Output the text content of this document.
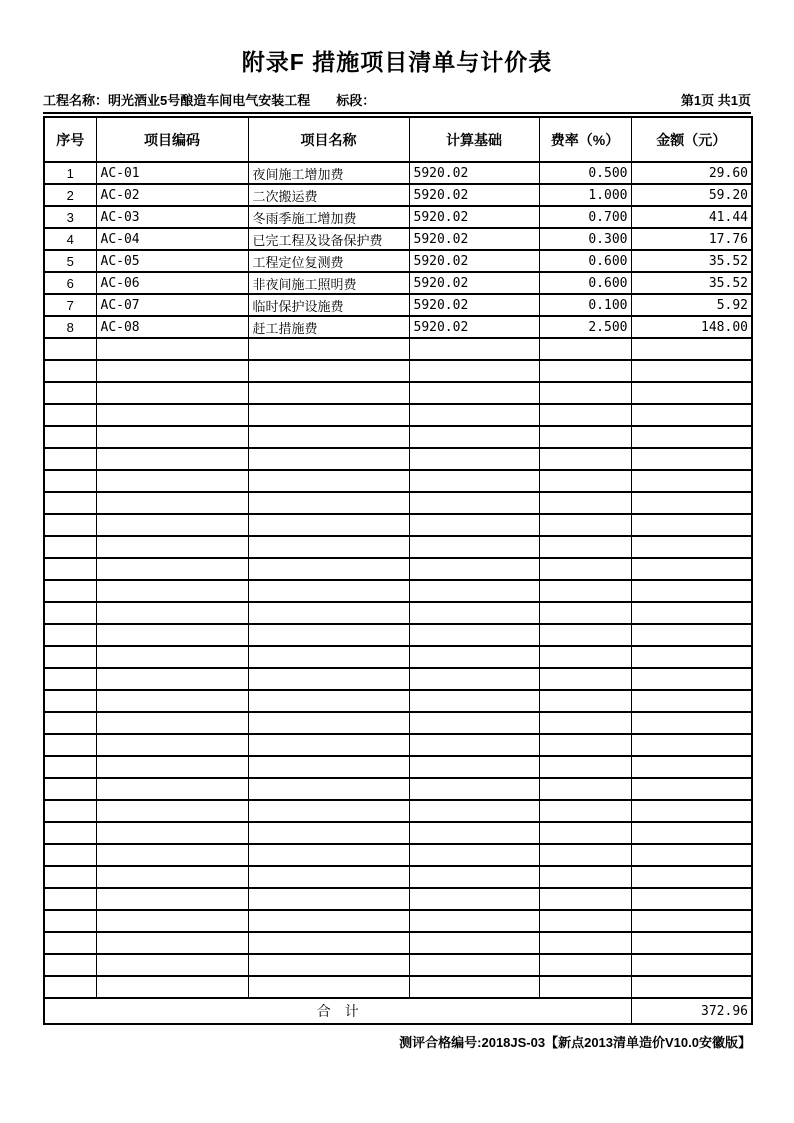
附录F 措施项目清单与计价表
工程名称：明光酒业5号酿造车间电气安装工程 标段：	第1页 共1页
序号	项目编码	项目名称	计算基础	费率（%）	金额（元）
1	AC-01	夜间施工增加费	5920.02	0.500	29.60
2	AC-02	二次搬运费	5920.02	1.000	59.20
3	AC-03	冬雨季施工增加费	5920.02	0.700	41.44
4	AC-04	已完工程及设备保护费	5920.02	0.300	17.76
5	AC-05	工程定位复测费	5920.02	0.600	35.52
6	AC-06	非夜间施工照明费	5920.02	0.600	35.52
7	AC-07	临时保护设施费	5920.02	0.100	5.92
8	AC-08	赶工措施费	5920.02	2.500	148.00

合　计					372.96
测评合格编号:2018JS-03【新点2013清单造价V10.0安徽版】
